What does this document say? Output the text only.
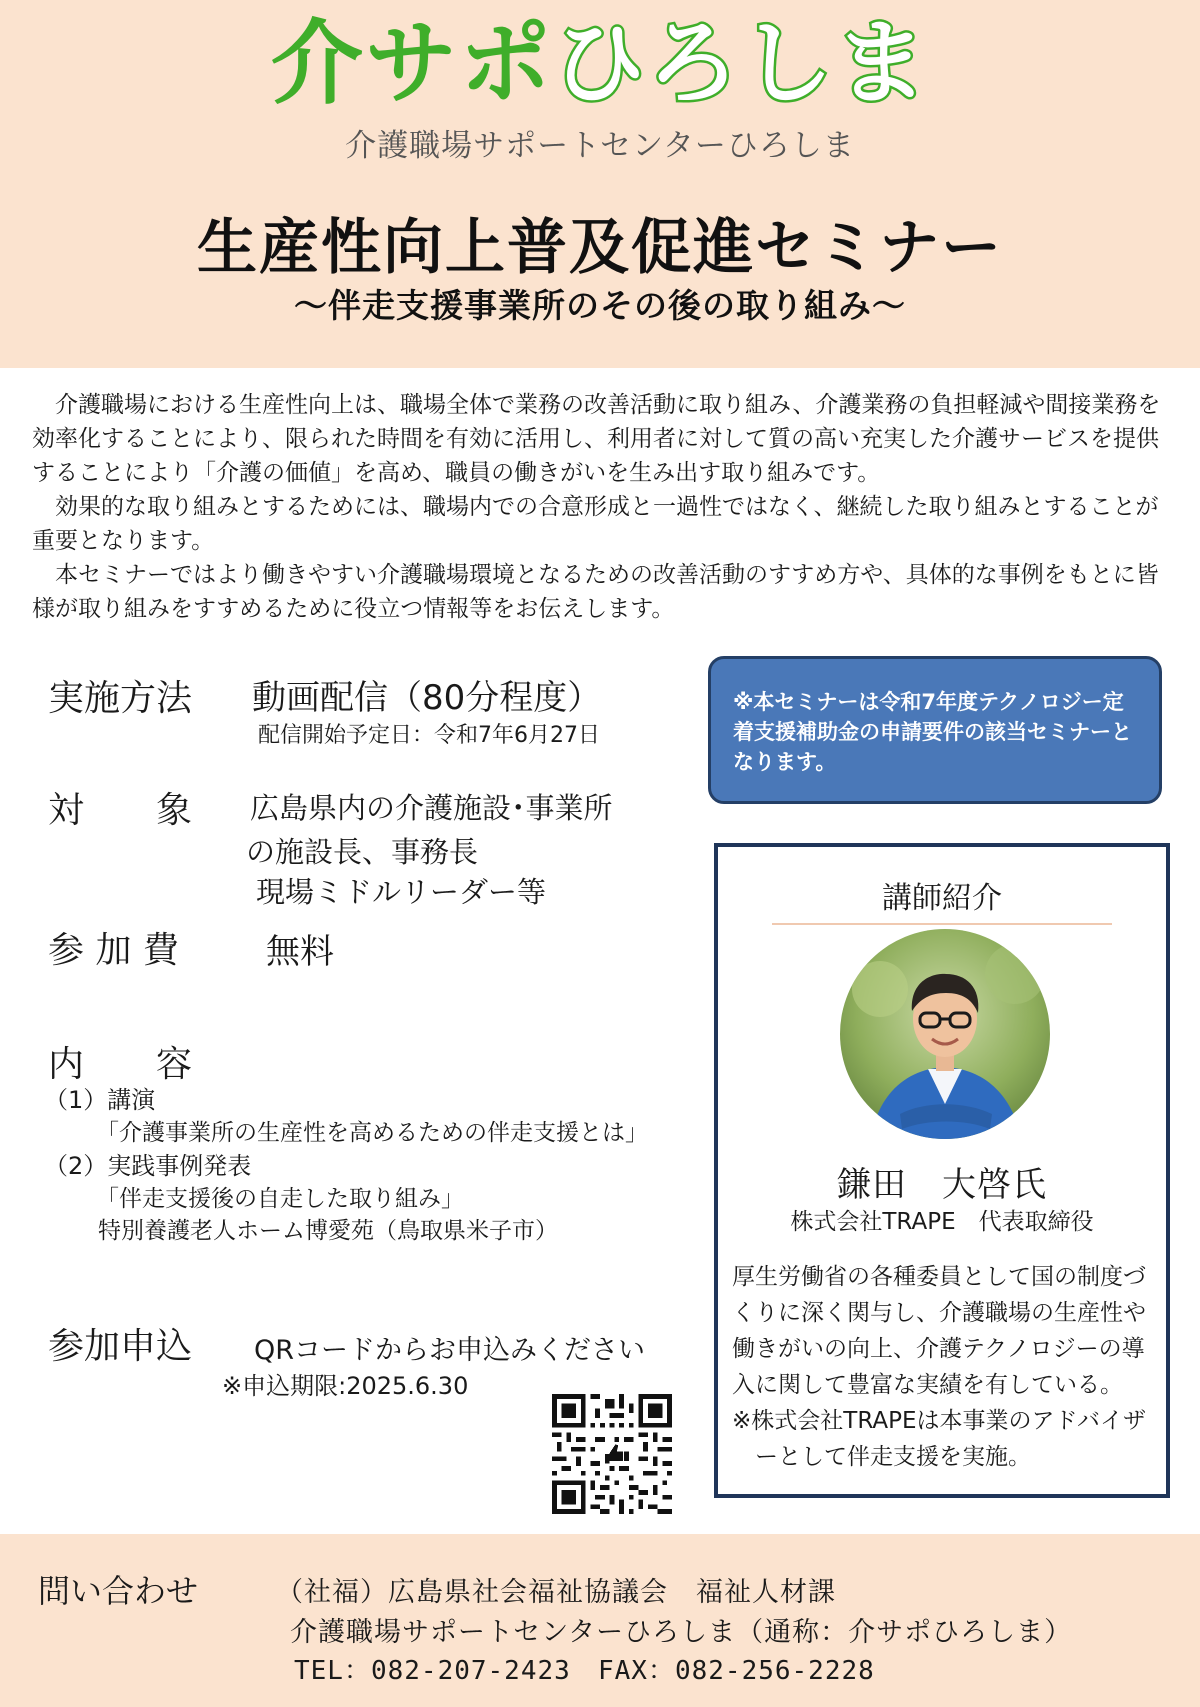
介サポひろしま
介護職場サポートセンターひろしま
生産性向上普及促進セミナー
～伴走支援事業所のその後の取り組み～

介護職場における生産性向上は、職場全体で業務の改善活動に取り組み、介護業務の負担軽減や間接業務を効率化することにより、限られた時間を有効に活用し、利用者に対して質の高い充実した介護サービスを提供することにより「介護の価値」を高め、職員の働きがいを生み出す取り組みです。

効果的な取り組みとするためには、職場内での合意形成と一過性ではなく、継続した取り組みとすることが重要となります。

本セミナーではより働きやすい介護職場環境となるための改善活動のすすめ方や、具体的な事例をもとに皆様が取り組みをすすめるために役立つ情報等をお伝えします。

実施方法 動画配信（80分程度）
配信開始予定日：令和7年6月27日
対　　象 広島県内の介護施設･事業所
の施設長、事務長
現場ミドルリーダー等
参 加 費	無料
内　　容
（1）講演
「介護事業所の生産性を高めるための伴走支援とは」
（2）実践事例発表
「伴走支援後の自走した取り組み」
特別養護老人ホーム博愛苑（鳥取県米子市）
参加申込 QRコードからお申込みください
※申込期限:2025.6.30
※本セミナーは令和7年度テクノロジー定着支援補助金の申請要件の該当セミナーとなります。
講師紹介
鎌田　大啓氏
株式会社TRAPE　代表取締役

厚生労働省の各種委員として国の制度づくりに深く関与し、介護職場の生産性や働きがいの向上、介護テクノロジーの導入に関して豊富な実績を有している。

※株式会社TRAPEは本事業のアドバイザーとして伴走支援を実施。

問い合わせ	（社福）広島県社会福祉協議会　福祉人材課
介護職場サポートセンターひろしま（通称：介サポひろしま）
TEL：082-207-2423 FAX：082-256-2228
